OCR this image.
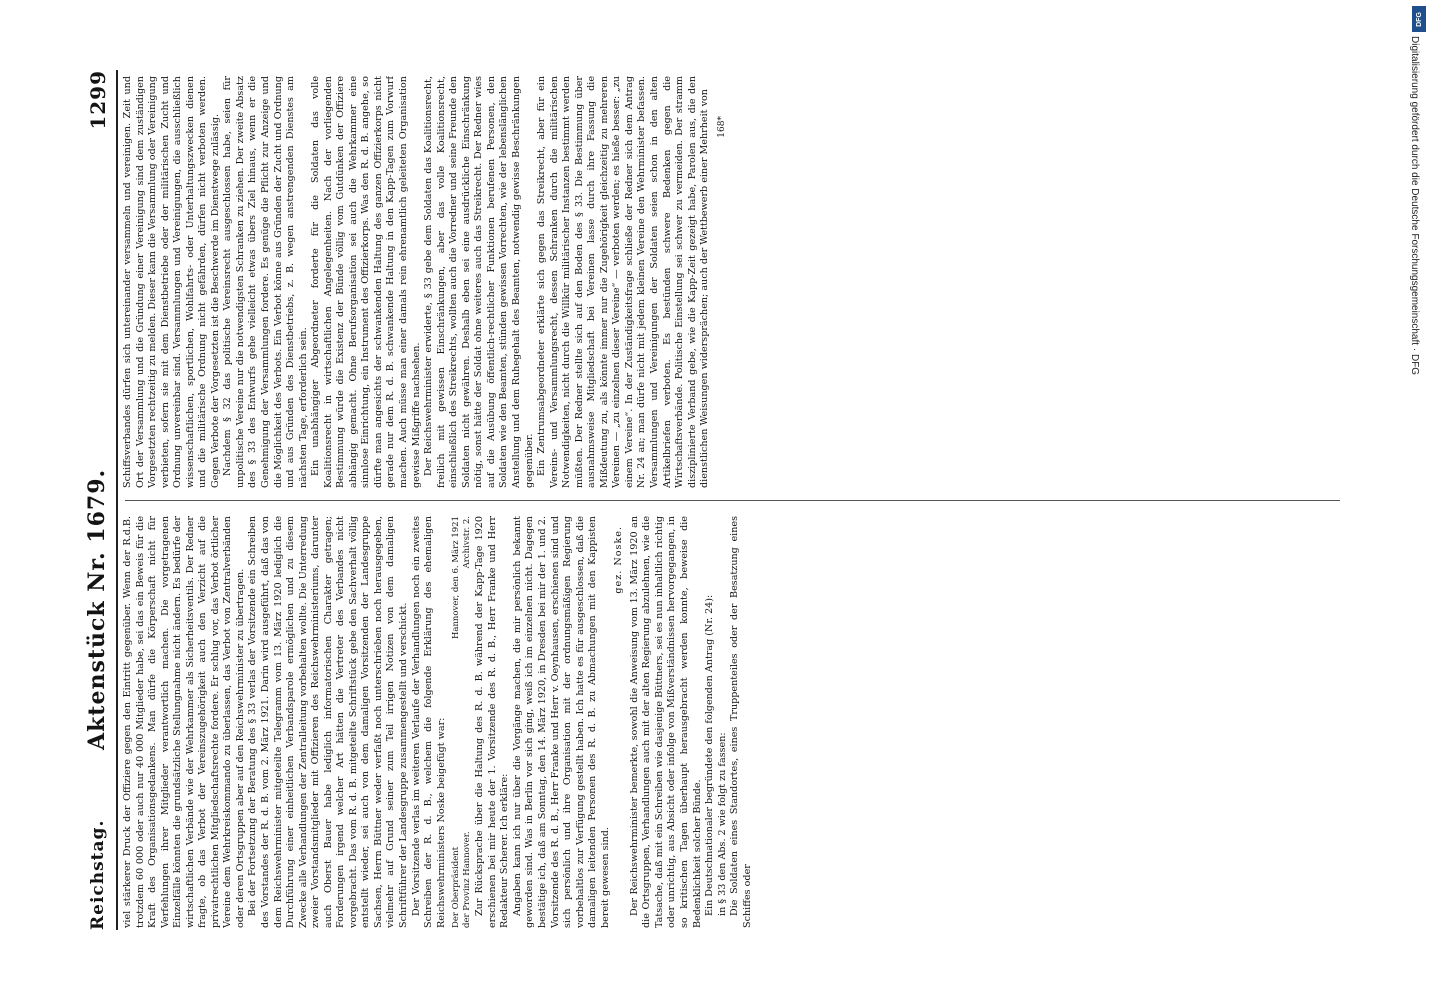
Reichstag.
Aktenstück Nr. 1679.
1299

viel stärkerer Druck der Offiziere gegen den Eintritt gegenüber. Wenn der R.d.B. trotzdem 60 000 oder auch nur 40 000 Mitglieder habe, sei das ein Beweis für die Kraft des Organisationsgedankens. Man dürfe die Körperschaft nicht für Verfehlungen ihrer Mitglieder verantwortlich machen. Die vorgetragenen Einzelfälle könnten die grundsätzliche Stellungnahme nicht ändern. Es bedürfe der wirtschaftlichen Verbände wie der Wehrkammer als Sicherheitsventils. Der Redner fragte, ob das Verbot der Vereinszugehörigkeit auch den Verzicht auf die privatrechtlichen Mitgliedschaftsrechte fordere. Er schlug vor, das Verbot örtlicher Vereine dem Wehrkreiskommando zu überlassen, das Verbot von Zentralverbänden oder deren Ortsgruppen aber auf den Reichswehrminister zu übertragen. Bei der Fortsetzung der Beratung des § 33 verlas der Vorsitzende ein Schreiben des Vorstandes der R. d. B. vom 2. März 1921. Darin wird ausgeführt, daß das von dem Reichswehrminister mitgeteilte Telegramm vom 13. März 1920 lediglich die Durchführung einer einheitlichen Verbandsparole ermöglichen und zu diesem Zwecke alle Verhandlungen der Zentralleitung vorbehalten wollte. Die Unterredung zweier Vorstandsmitglieder mit Offizieren des Reichswehrministeriums, darunter auch Oberst Bauer habe lediglich informatorischen Charakter getragen; Forderungen irgend welcher Art hätten die Vertreter des Verbandes nicht vorgebracht. Das vom R. d. B. mitgeteilte Schriftstück gebe den Sachverhalt völlig entstellt wieder, sei auch von dem damaligen Vorsitzenden der Landesgruppe Sachsen, Herrn Büttner weder verfaßt noch unterschrieben noch herausgegeben, vielmehr auf Grund seiner zum Teil irrigen Notizen von dem damaligen Schriftführer der Landesgruppe zusammengestellt und verschickt. Der Vorsitzende verlas im weiteren Verlaufe der Verhandlungen noch ein zweites Schreiben der R. d. B., welchem die folgende Erklärung des ehemaligen Reichswehrministers Noske beigefügt war: Der Oberpräsident der Provinz Hannover.
Hannover, den 6. März 1921 Archivstr. 2. Zur Rücksprache über die Haltung des R. d. B. während der Kapp-Tage 1920 erschienen bei mir heute der 1. Vorsitzende des R. d. B., Herr Franke und Herr Redakteur Scherer. Ich erkläre: Angaben kann ich nur über die Vorgänge machen, die mir persönlich bekannt geworden sind. Was in Berlin vor sich ging, weiß ich im einzelnen nicht. Dagegen bestätige ich, daß am Sonntag, den 14. März 1920, in Dresden bei mir der 1. und 2. Vorsitzende des R. d. B., Herr Franke und Herr v. Oeynhausen, erschienen sind und sich persönlich und ihre Organisation mit der ordnungsmäßigen Regierung vorbehaltlos zur Verfügung gestellt haben. Ich hatte es für ausgeschlossen, daß die damaligen leitenden Personen des R. d. B. zu Abmachungen mit den Kappisten bereit gewesen sind.

gez. Noske. Der Reichswehrminister bemerkte, sowohl die Anweisung vom 13. März 1920 an die Ortsgruppen, Verhandlungen auch mit der alten Regierung abzulehnen, wie die Tatsache, daß mit ein Schreiben wie dasjenige Büttners, sei es nun inhaltlich richtig oder unrichtig, aus Absicht oder infolge von Mißverständnissen hervorgegangen, in so kritischen Tagen überhaupt herausgebracht werden konnte, beweise die Bedenklichkeit solcher Bünde. Ein Deutschnationaler begründete den folgenden Antrag (Nr. 24): in § 33 den Abs. 2 wie folgt zu fassen: Die Soldaten eines Standortes, eines Truppenteiles oder der Besatzung eines Schiffes oder

Schiffsverbandes dürfen sich untereinander versammeln und vereinigen. Zeit und Ort der Versammlung und die Gründung einer Vereinigung sind dem zuständigen Vorgesetzten rechtzeitig zu melden. Dieser kann die Versammlung oder Vereinigung verbieten, sofern sie mit dem Dienstbetriebe oder der militärischen Zucht und Ordnung unvereinbar sind. Versammlungen und Vereinigungen, die ausschließlich wissenschaftlichen, sportlichen, Wohlfahrts- oder Unterhaltungszwecken dienen und die militärische Ordnung nicht gefährden, dürfen nicht verboten werden. Gegen Verbote der Vorgesetzten ist die Beschwerde im Dienstwege zulässig. Nachdem § 32 das politische Vereinsrecht ausgeschlossen habe, seien für unpolitische Vereine nur die notwendigsten Schranken zu ziehen. Der zweite Absatz des § 33 des Entwurfs gehe vielleicht etwas übers Ziel hinaus, wenn er die Genehmigung der Versammlungen fordere. Es genüge die Pflicht zur Anzeige und die Möglichkeit des Verbots. Ein Verbot könne aus Gründen der Zucht und Ordnung und aus Gründen des Dienstbetriebs, z. B. wegen anstrengenden Dienstes am nächsten Tage, erforderlich sein. Ein unabhängiger Abgeordneter forderte für die Soldaten das volle Koalitionsrecht in wirtschaftlichen Angelegenheiten. Nach der vorliegenden Bestimmung würde die Existenz der Bünde völlig vom Gutdünken der Offiziere abhängig gemacht. Ohne Berufsorganisation sei auch die Wehrkammer eine sinnlose Einrichtung, ein Instrument des Offizierkorps. Was den R. d. B. angehe, so dürfte man angesichts der schwankenden Haltung des ganzen Offizierkorps nicht gerade nur dem R. d. B. schwankende Haltung in den Kapp-Tagen zum Vorwurf machen. Auch müsse man einer damals rein ehrenamtlich geleiteten Organisation gewisse Mißgriffe nachsehen. Der Reichswehrminister erwiderte, § 33 gebe dem Soldaten das Koalitionsrecht, freilich mit gewissen Einschränkungen, aber das volle Koalitionsrecht, einschließlich des Streikrechts, wollten auch die Vorredner und seine Freunde den Soldaten nicht gewähren. Deshalb eben sei eine ausdrückliche Einschränkung nötig, sonst hätte der Soldat ohne weiteres auch das Streikrecht. Der Redner wies auf die Ausübung öffentlich-rechtlicher Funktionen berufenen Personen, den Soldaten wie den Beamten, stünden gewissen Vorrechten, wie der lebenslänglichen Anstellung und dem Ruhegehalt des Beamten, notwendig gewisse Beschränkungen gegenüber. Ein Zentrumsabgeordneter erklärte sich gegen das Streikrecht, aber für ein Vereins- und Versammlungsrecht, dessen Schranken durch die militärischen Notwendigkeiten, nicht durch die Willkür militärischer Instanzen bestimmt werden müßten. Der Redner stellte sich auf den Boden des § 33. Die Bestimmung über ausnahmsweise Mitgliedschaft bei Vereinen lasse durch ihre Fassung die Mißdeutung zu, als könnte immer nur die Zugehörigkeit gleichzeitig zu mehreren Vereinen — „zu einzelnen dieser Vereine“ — verboten werden; es hieße besser: „zu einem Vereine“. In der Zuständigkeitsfrage schließe der Redner sich dem Antrag Nr. 24 an; man dürfe nicht mit jedem kleinen Vereine den Wehrminister befassen. Versammlungen und Vereinigungen der Soldaten seien schon in den alten Artikelbriefen verboten. Es bestünden schwere Bedenken gegen die Wirtschaftsverbände. Politische Einstellung sei schwer zu vermeiden. Der stramm disziplinierte Verband gebe, wie die Kapp-Zeit gezeigt habe, Parolen aus, die den dienstlichen Weisungen widersprächen; auch der Wettbewerb einer Mehrheit von 168*
DFG
Digitalisierung gefördert durch die Deutsche Forschungsgemeinschaft · DFG
